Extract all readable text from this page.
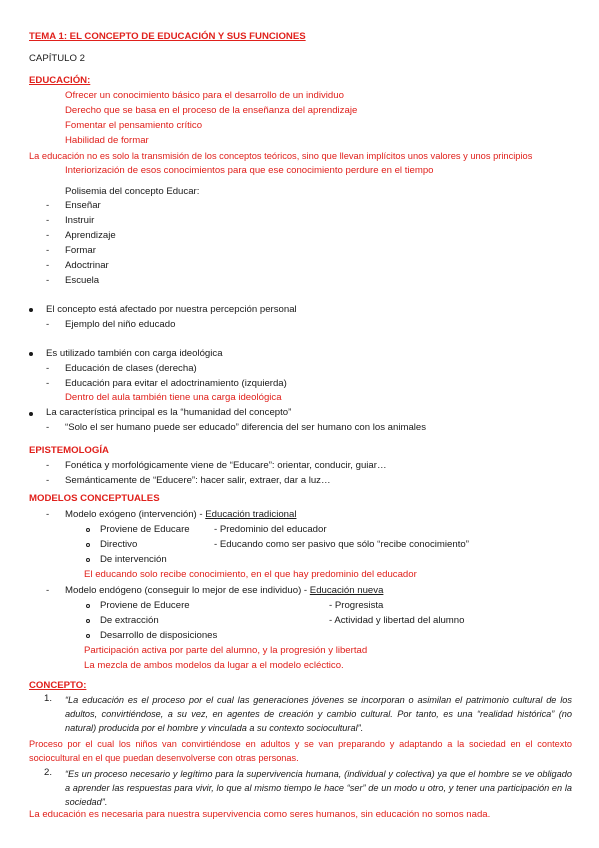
TEMA 1: EL CONCEPTO DE EDUCACIÓN Y SUS FUNCIONES
CAPÍTULO 2
EDUCACIÓN:
Ofrecer un conocimiento básico para el desarrollo de un individuo
Derecho que se basa en el proceso de la enseñanza del aprendizaje
Fomentar el pensamiento crítico
Habilidad de formar
La educación no es solo la transmisión de los conceptos teóricos, sino que llevan implícitos unos valores y unos principios
Interiorización de esos conocimientos para que ese conocimiento perdure en el tiempo
Polisemia del concepto Educar:
- Enseñar
- Instruir
- Aprendizaje
- Formar
- Adoctrinar
- Escuela
El concepto está afectado por nuestra percepción personal
- Ejemplo del niño educado
Es utilizado también con carga ideológica
- Educación de clases (derecha)
- Educación para evitar el adoctrinamiento (izquierda)
Dentro del aula también tiene una carga ideológica
La característica principal es la “humanidad del concepto”
- “Solo el ser humano puede ser educado” diferencia del ser humano con los animales
EPISTEMOLOGÍA
- Fonética y morfológicamente viene de “Educare”: orientar, conducir, guiar…
- Semánticamente de “Educere”: hacer salir, extraer, dar a luz…
MODELOS CONCEPTUALES
- Modelo exógeno (intervención) - Educación tradicional
Proviene de Educare	- Predominio del educador
Directivo	- Educando como ser pasivo que sólo “recibe conocimiento”
De intervención
El educando solo recibe conocimiento, en el que hay predominio del educador
- Modelo endógeno (conseguir lo mejor de ese individuo) - Educación nueva
Proviene de Educere	- Progresista
De extracción	- Actividad y libertad del alumno
Desarrollo de disposiciones
Participación activa por parte del alumno, y la progresión y libertad
La mezcla de ambos modelos da lugar a el modelo ecléctico.
CONCEPTO:
1. “La educación es el proceso por el cual las generaciones jóvenes se incorporan o asimilan el patrimonio cultural de los adultos, convirtiéndose, a su vez, en agentes de creación y cambio cultural. Por tanto, es una “realidad histórica” (no natural) producida por el hombre y vinculada a su contexto sociocultural”.
Proceso por el cual los niños van convirtiéndose en adultos y se van preparando y adaptando a la sociedad en el contexto sociocultural en el que puedan desenvolverse con otras personas.
2. “Es un proceso necesario y legítimo para la supervivencia humana, (individual y colectiva) ya que el hombre se ve obligado a aprender las respuestas para vivir, lo que al mismo tiempo le hace “ser” de un modo u otro, y tener una participación en la sociedad”.
La educación es necesaria para nuestra supervivencia como seres humanos, sin educación no somos nada.
